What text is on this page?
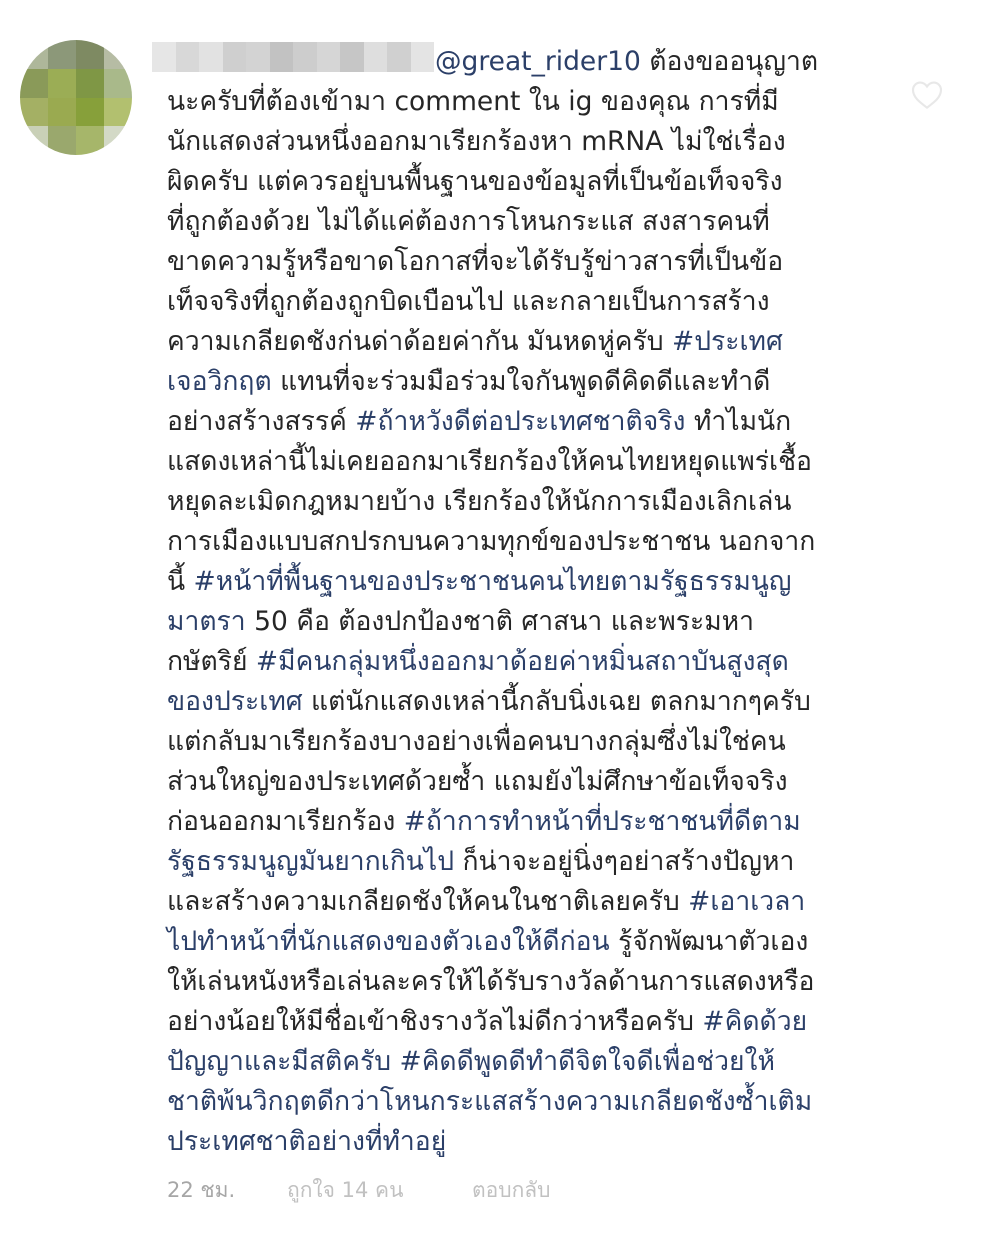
@great_rider10 ต้องขออนุญาต
นะครับที่ต้องเข้ามา comment ใน ig ของคุณ การที่มี
นักแสดงส่วนหนึ่งออกมาเรียกร้องหา mRNA ไม่ใช่เรื่อง
ผิดครับ แต่ควรอยู่บนพื้นฐานของข้อมูลที่เป็นข้อเท็จจริง
ที่ถูกต้องด้วย ไม่ได้แค่ต้องการโหนกระแส สงสารคนที่
ขาดความรู้หรือขาดโอกาสที่จะได้รับรู้ข่าวสารที่เป็นข้อ
เท็จจริงที่ถูกต้องถูกบิดเบือนไป และกลายเป็นการสร้าง
ความเกลียดชังก่นด่าด้อยค่ากัน มันหดหู่ครับ #ประเทศ
เจอวิกฤต แทนที่จะร่วมมือร่วมใจกันพูดดีคิดดีและทำดี
อย่างสร้างสรรค์ #ถ้าหวังดีต่อประเทศชาติจริง ทำไมนัก
แสดงเหล่านี้ไม่เคยออกมาเรียกร้องให้คนไทยหยุดแพร่เชื้อ
หยุดละเมิดกฎหมายบ้าง เรียกร้องให้นักการเมืองเลิกเล่น
การเมืองแบบสกปรกบนความทุกข์ของประชาชน นอกจาก
นี้ #หน้าที่พื้นฐานของประชาชนคนไทยตามรัฐธรรมนูญ
มาตรา 50 คือ ต้องปกป้องชาติ ศาสนา และพระมหา
กษัตริย์ #มีคนกลุ่มหนึ่งออกมาด้อยค่าหมิ่นสถาบันสูงสุด
ของประเทศ แต่นักแสดงเหล่านี้กลับนิ่งเฉย ตลกมากๆครับ
แต่กลับมาเรียกร้องบางอย่างเพื่อคนบางกลุ่มซึ่งไม่ใช่คน
ส่วนใหญ่ของประเทศด้วยซ้ำ แถมยังไม่ศึกษาข้อเท็จจริง
ก่อนออกมาเรียกร้อง #ถ้าการทำหน้าที่ประชาชนที่ดีตาม
รัฐธรรมนูญมันยากเกินไป ก็น่าจะอยู่นิ่งๆอย่าสร้างปัญหา
และสร้างความเกลียดชังให้คนในชาติเลยครับ #เอาเวลา
ไปทำหน้าที่นักแสดงของตัวเองให้ดีก่อน รู้จักพัฒนาตัวเอง
ให้เล่นหนังหรือเล่นละครให้ได้รับรางวัลด้านการแสดงหรือ
อย่างน้อยให้มีชื่อเข้าชิงรางวัลไม่ดีกว่าหรือครับ #คิดด้วย
ปัญญาและมีสติครับ #คิดดีพูดดีทำดีจิตใจดีเพื่อช่วยให้
ชาติพ้นวิกฤตดีกว่าโหนกระแสสร้างความเกลียดชังซ้ำเติม
ประเทศชาติอย่างที่ทำอยู่
22 ชม.	ถูกใจ 14 คน	ตอบกลับ
